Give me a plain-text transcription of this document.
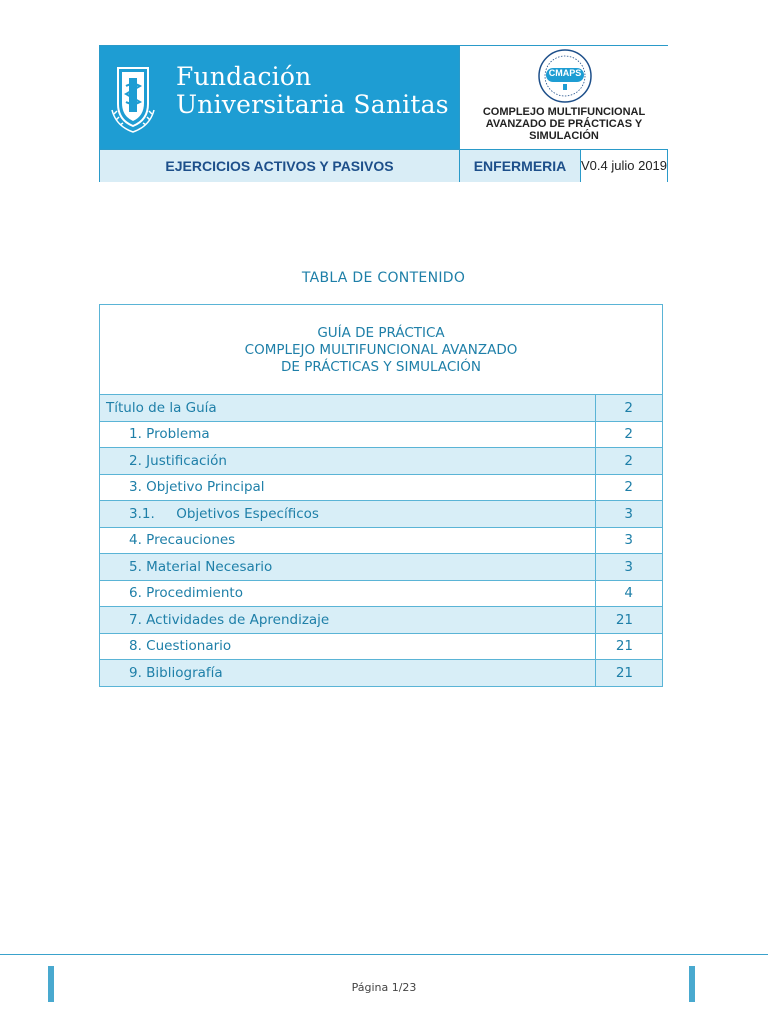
Fundación
Universitaria Sanitas
CMAPS
COMPLEJO MULTIFUNCIONAL AVANZADO DE PRÁCTICAS Y SIMULACIÓN
EJERCICIOS ACTIVOS Y PASIVOS	ENFERMERIA	V0.4 julio 2019
TABLA DE CONTENIDO
GUÍA DE PRÁCTICA
COMPLEJO MULTIFUNCIONAL AVANZADO
DE PRÁCTICAS Y SIMULACIÓN	

Título de la Guía	2
1. Problema	2
2. Justificación	2
3. Objetivo Principal	2
3.1.     Objetivos Específicos	3
4. Precauciones	3
5. Material Necesario	3
6. Procedimiento	4
7. Actividades de Aprendizaje	21
8. Cuestionario	21
9. Bibliografía	21
Página 1/23
